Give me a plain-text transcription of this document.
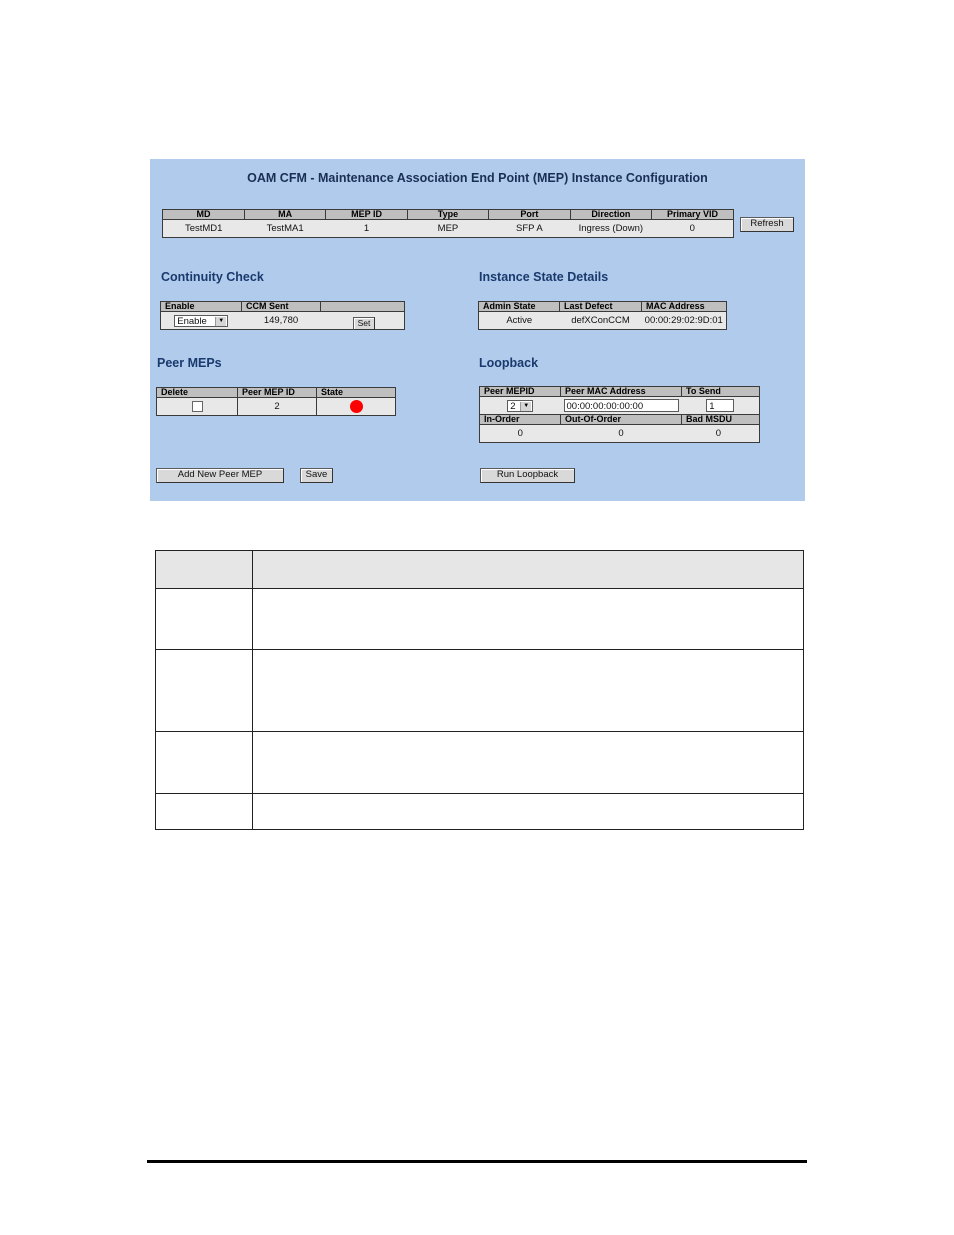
OAM CFM - Maintenance Association End Point (MEP) Instance Configuration
MD	MA	MEP ID	Type	Port	Direction	Primary VID
TestMD1	TestMA1	1	MEP	SFP A	Ingress (Down)	0	Refresh
Continuity Check
Enable	CCM Sent	
Enable ▼	149,780		Set
Instance State Details
Admin State	Last Defect	MAC Address
Active	defXConCCM	00:00:29:02:9D:01
Peer MEPs
Delete	Peer MEP ID	State
	2	
Loopback
Peer MEPID	Peer MAC Address	To Send
2 ▼	00:00:00:00:00:00	1
In-Order	Out-Of-Order	Bad MSDU
0	0	0
Add New Peer MEP	Save	Run Loopback
